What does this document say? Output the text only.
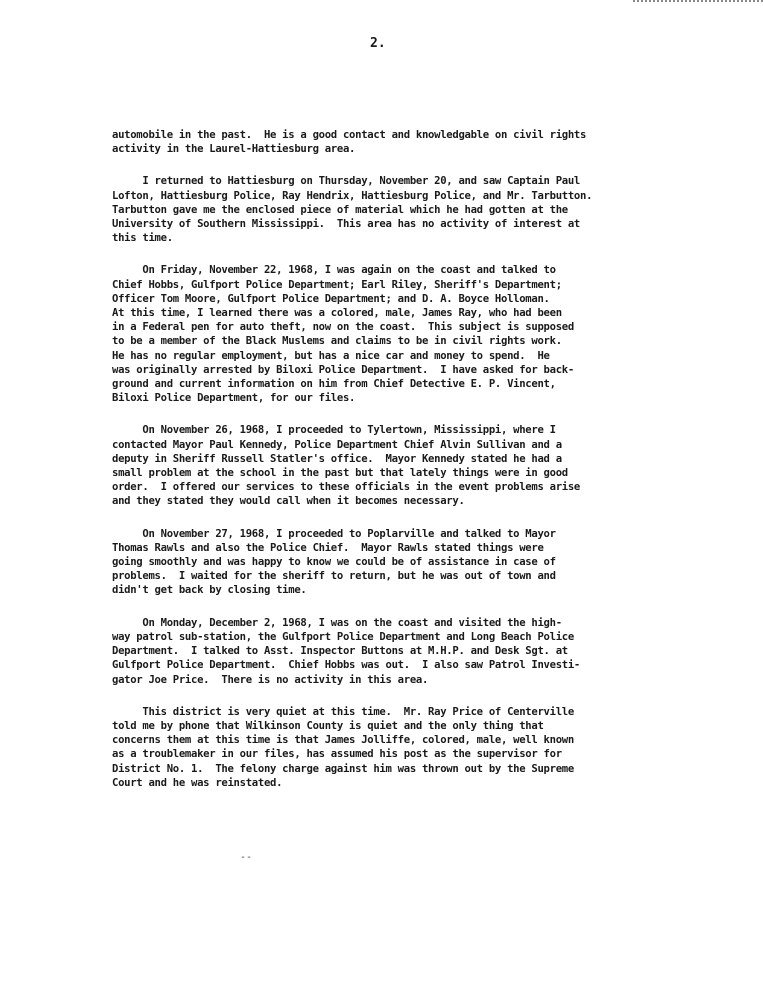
2.
automobile in the past.  He is a good contact and knowledgable on civil rights
activity in the Laurel-Hattiesburg area.
I returned to Hattiesburg on Thursday, November 20, and saw Captain Paul
Lofton, Hattiesburg Police, Ray Hendrix, Hattiesburg Police, and Mr. Tarbutton.
Tarbutton gave me the enclosed piece of material which he had gotten at the
University of Southern Mississippi.  This area has no activity of interest at
this time.
On Friday, November 22, 1968, I was again on the coast and talked to
Chief Hobbs, Gulfport Police Department; Earl Riley, Sheriff's Department;
Officer Tom Moore, Gulfport Police Department; and D. A. Boyce Holloman.
At this time, I learned there was a colored, male, James Ray, who had been
in a Federal pen for auto theft, now on the coast.  This subject is supposed
to be a member of the Black Muslems and claims to be in civil rights work.
He has no regular employment, but has a nice car and money to spend.  He
was originally arrested by Biloxi Police Department.  I have asked for back-
ground and current information on him from Chief Detective E. P. Vincent,
Biloxi Police Department, for our files.
On November 26, 1968, I proceeded to Tylertown, Mississippi, where I
contacted Mayor Paul Kennedy, Police Department Chief Alvin Sullivan and a
deputy in Sheriff Russell Statler's office.  Mayor Kennedy stated he had a
small problem at the school in the past but that lately things were in good
order.  I offered our services to these officials in the event problems arise
and they stated they would call when it becomes necessary.
On November 27, 1968, I proceeded to Poplarville and talked to Mayor
Thomas Rawls and also the Police Chief.  Mayor Rawls stated things were
going smoothly and was happy to know we could be of assistance in case of
problems.  I waited for the sheriff to return, but he was out of town and
didn't get back by closing time.
On Monday, December 2, 1968, I was on the coast and visited the high-
way patrol sub-station, the Gulfport Police Department and Long Beach Police
Department.  I talked to Asst. Inspector Buttons at M.H.P. and Desk Sgt. at
Gulfport Police Department.  Chief Hobbs was out.  I also saw Patrol Investi-
gator Joe Price.  There is no activity in this area.
This district is very quiet at this time.  Mr. Ray Price of Centerville
told me by phone that Wilkinson County is quiet and the only thing that
concerns them at this time is that James Jolliffe, colored, male, well known
as a troublemaker in our files, has assumed his post as the supervisor for
District No. 1.  The felony charge against him was thrown out by the Supreme
Court and he was reinstated.
--
